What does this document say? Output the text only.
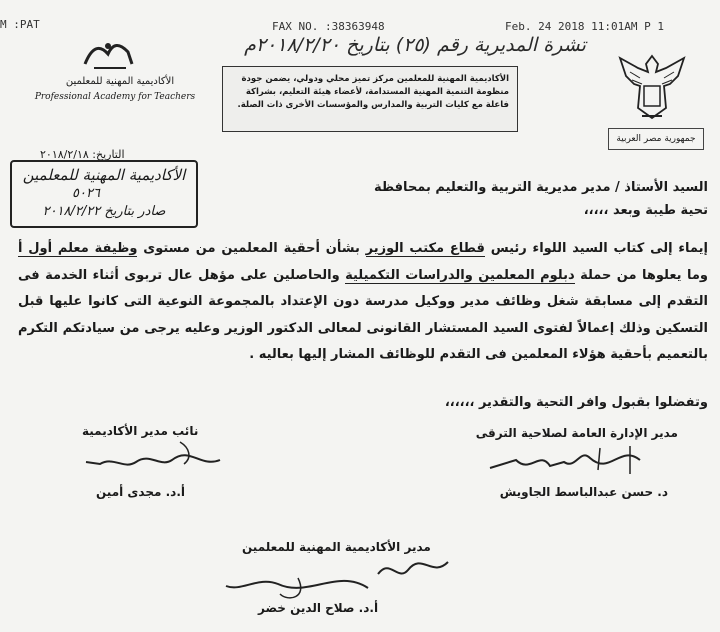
M :PAT	FAX NO. :38363948	Feb. 24 2018 11:01AM P 1
تشرة المديرية رقم (٢٥) بتاريخ ٢٠١٨/٢/٢٠م
الأكاديمية المهنية للمعلمين
Professional Academy for Teachers
الأكاديمية المهنية للمعلمين مركز تميز محلي ودولي، يضمن جودة منظومة التنمية المهنية المستدامة، لأعضاء هيئة التعليم، بشراكة فاعلة مع كليات التربية والمدارس والمؤسسات الأخرى ذات الصلة.
جمهورية مصر العربية
التاريخ: ٢٠١٨/٢/١٨
الأكاديمية المهنية للمعلمين
٥٠٢٦
صادر بتاريخ ٢٠١٨/٢/٢٢
السيد الأستاذ / مدير مديرية التربية والتعليم بمحافظة
تحية طيبة وبعد ،،،،،
إيماء إلى كتاب السيد اللواء رئيس قطاع مكتب الوزير بشأن أحقية المعلمين من مستوى وظيفة معلم أول أ وما يعلوها من حملة دبلوم المعلمين والدراسات التكميلية والحاصلين على مؤهل عال تربوى أثناء الخدمة فى التقدم إلى مسابقة شغل وظائف مدير ووكيل مدرسة دون الإعتداد بالمجموعة النوعية التى كانوا عليها قبل التسكين وذلك إعمالاً لفتوى السيد المستشار القانونى لمعالى الدكتور الوزير وعليه يرجى من سيادتكم التكرم بالتعميم بأحقية هؤلاء المعلمين فى التقدم للوظائف المشار إليها بعاليه .
وتفضلوا بقبول وافر التحية والتقدير ،،،،،،
مدير الإدارة العامة لصلاحية الترقى
د. حسن عبدالباسط الجاويش
نائب مدير الأكاديمية
أ.د. مجدى أمين
مدير الأكاديمية المهنية للمعلمين
أ.د. صلاح الدين خضر
